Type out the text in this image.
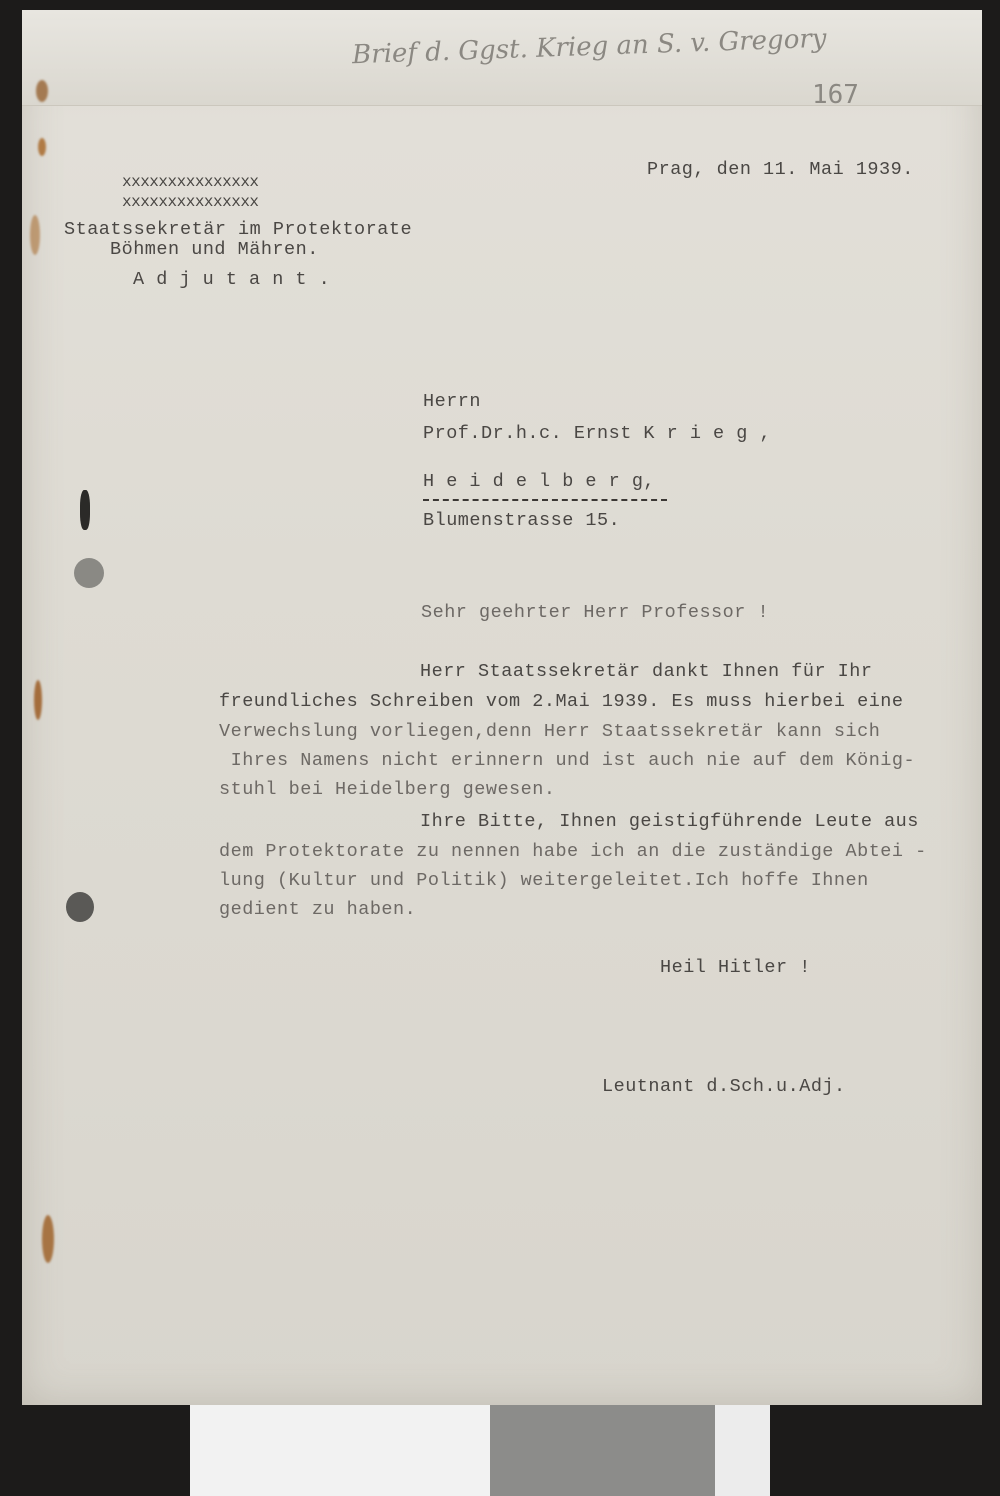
Brief d. Ggst. Krieg an S. v. Gregory
167
xxxxxxxxxxxxxxx
xxxxxxxxxxxxxxx
Staatssekretär im Protektorate
Böhmen und Mähren.
A d j u t a n t .
Prag, den 11. Mai 1939.
Herrn
Prof.Dr.h.c. Ernst K r i e g ,
H e i d e l b e r g,
Blumenstrasse 15.
Sehr geehrter Herr Professor !
Herr Staatssekretär dankt Ihnen für Ihr
freundliches Schreiben vom 2.Mai 1939. Es muss hierbei eine
Verwechslung vorliegen,denn Herr Staatssekretär kann sich
Ihres Namens nicht erinnern und ist auch nie auf dem König-
stuhl bei Heidelberg gewesen.
Ihre Bitte, Ihnen geistigführende Leute aus
dem Protektorate zu nennen habe ich an die zuständige Abtei -
lung (Kultur und Politik) weitergeleitet.Ich hoffe Ihnen
gedient zu haben.
Heil Hitler !
Leutnant d.Sch.u.Adj.
